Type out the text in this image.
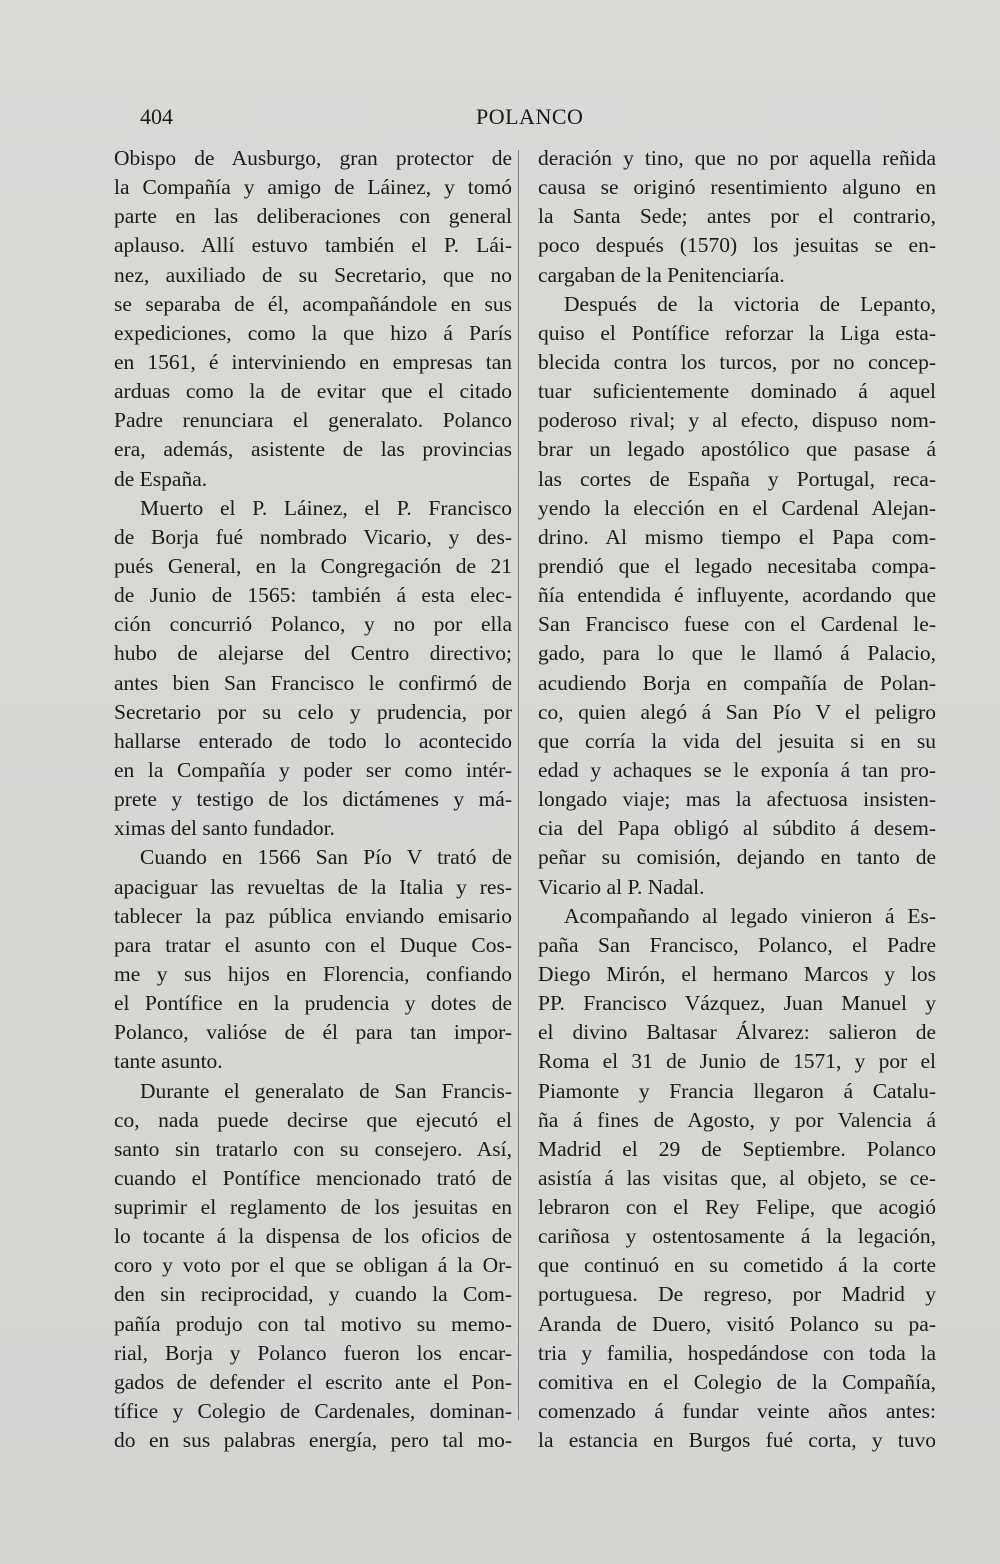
404	POLANCO
Obispo de Ausburgo, gran protector de
la Compañía y amigo de Láinez, y tomó
parte en las deliberaciones con general
aplauso. Allí estuvo también el P. Lái-
nez, auxiliado de su Secretario, que no
se separaba de él, acompañándole en sus
expediciones, como la que hizo á París
en 1561, é interviniendo en empresas tan
arduas como la de evitar que el citado
Padre renunciara el generalato. Polanco
era, además, asistente de las provincias
de España.
Muerto el P. Láinez, el P. Francisco
de Borja fué nombrado Vicario, y des-
pués General, en la Congregación de 21
de Junio de 1565: también á esta elec-
ción concurrió Polanco, y no por ella
hubo de alejarse del Centro directivo;
antes bien San Francisco le confirmó de
Secretario por su celo y prudencia, por
hallarse enterado de todo lo acontecido
en la Compañía y poder ser como intér-
prete y testigo de los dictámenes y má-
ximas del santo fundador.
Cuando en 1566 San Pío V trató de
apaciguar las revueltas de la Italia y res-
tablecer la paz pública enviando emisario
para tratar el asunto con el Duque Cos-
me y sus hijos en Florencia, confiando
el Pontífice en la prudencia y dotes de
Polanco, valióse de él para tan impor-
tante asunto.
Durante el generalato de San Francis-
co, nada puede decirse que ejecutó el
santo sin tratarlo con su consejero. Así,
cuando el Pontífice mencionado trató de
suprimir el reglamento de los jesuitas en
lo tocante á la dispensa de los oficios de
coro y voto por el que se obligan á la Or-
den sin reciprocidad, y cuando la Com-
pañía produjo con tal motivo su memo-
rial, Borja y Polanco fueron los encar-
gados de defender el escrito ante el Pon-
tífice y Colegio de Cardenales, dominan-
do en sus palabras energía, pero tal mo-
deración y tino, que no por aquella reñida
causa se originó resentimiento alguno en
la Santa Sede; antes por el contrario,
poco después (1570) los jesuitas se en-
cargaban de la Penitenciaría.
Después de la victoria de Lepanto,
quiso el Pontífice reforzar la Liga esta-
blecida contra los turcos, por no concep-
tuar suficientemente dominado á aquel
poderoso rival; y al efecto, dispuso nom-
brar un legado apostólico que pasase á
las cortes de España y Portugal, reca-
yendo la elección en el Cardenal Alejan-
drino. Al mismo tiempo el Papa com-
prendió que el legado necesitaba compa-
ñía entendida é influyente, acordando que
San Francisco fuese con el Cardenal le-
gado, para lo que le llamó á Palacio,
acudiendo Borja en compañía de Polan-
co, quien alegó á San Pío V el peligro
que corría la vida del jesuita si en su
edad y achaques se le exponía á tan pro-
longado viaje; mas la afectuosa insisten-
cia del Papa obligó al súbdito á desem-
peñar su comisión, dejando en tanto de
Vicario al P. Nadal.
Acompañando al legado vinieron á Es-
paña San Francisco, Polanco, el Padre
Diego Mirón, el hermano Marcos y los
PP. Francisco Vázquez, Juan Manuel y
el divino Baltasar Álvarez: salieron de
Roma el 31 de Junio de 1571, y por el
Piamonte y Francia llegaron á Catalu-
ña á fines de Agosto, y por Valencia á
Madrid el 29 de Septiembre. Polanco
asistía á las visitas que, al objeto, se ce-
lebraron con el Rey Felipe, que acogió
cariñosa y ostentosamente á la legación,
que continuó en su cometido á la corte
portuguesa. De regreso, por Madrid y
Aranda de Duero, visitó Polanco su pa-
tria y familia, hospedándose con toda la
comitiva en el Colegio de la Compañía,
comenzado á fundar veinte años antes:
la estancia en Burgos fué corta, y tuvo
